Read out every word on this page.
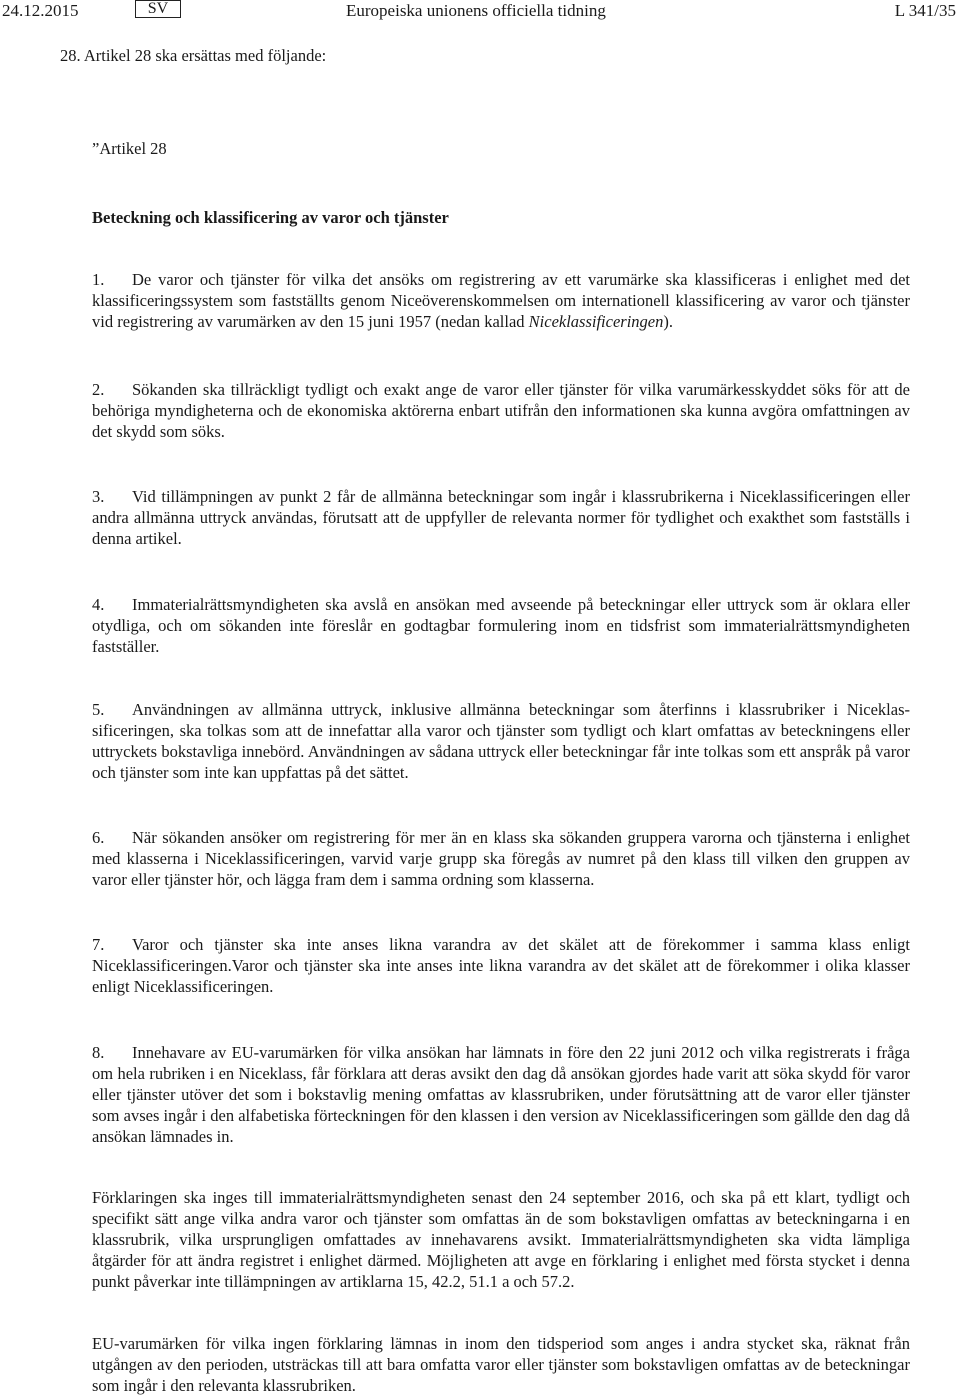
24.12.2015	SV	Europeiska unionens officiella tidning	L 341/35
28. Artikel 28 ska ersättas med följande:
”Artikel 28
Beteckning och klassificering av varor och tjänster
1. De varor och tjänster för vilka det ansöks om registrering av ett varumärke ska klassificeras i enlighet med det klassificeringssystem som fastställts genom Niceöverenskommelsen om internationell klassificering av varor och tjänster vid registrering av varumärken av den 15 juni 1957 (nedan kallad Niceklassificeringen).
2. Sökanden ska tillräckligt tydligt och exakt ange de varor eller tjänster för vilka varumärkesskyddet söks för att de behöriga myndigheterna och de ekonomiska aktörerna enbart utifrån den informationen ska kunna avgöra omfattningen av det skydd som söks.
3. Vid tillämpningen av punkt 2 får de allmänna beteckningar som ingår i klassrubrikerna i Niceklassificeringen eller andra allmänna uttryck användas, förutsatt att de uppfyller de relevanta normer för tydlighet och exakthet som fastställs i denna artikel.
4. Immaterialrättsmyndigheten ska avslå en ansökan med avseende på beteckningar eller uttryck som är oklara eller otydliga, och om sökanden inte föreslår en godtagbar formulering inom en tidsfrist som immaterialrättsmyndigheten fastställer.
5. Användningen av allmänna uttryck, inklusive allmänna beteckningar som återfinns i klassrubriker i Niceklassificeringen, ska tolkas som att de innefattar alla varor och tjänster som tydligt och klart omfattas av beteckningens eller uttryckets bokstavliga innebörd. Användningen av sådana uttryck eller beteckningar får inte tolkas som ett anspråk på varor och tjänster som inte kan uppfattas på det sättet.
6. När sökanden ansöker om registrering för mer än en klass ska sökanden gruppera varorna och tjänsterna i enlighet med klasserna i Niceklassificeringen, varvid varje grupp ska föregås av numret på den klass till vilken den gruppen av varor eller tjänster hör, och lägga fram dem i samma ordning som klasserna.
7. Varor och tjänster ska inte anses likna varandra av det skälet att de förekommer i samma klass enligt Niceklassificeringen.Varor och tjänster ska inte anses inte likna varandra av det skälet att de förekommer i olika klasser enligt Niceklassificeringen.
8. Innehavare av EU-varumärken för vilka ansökan har lämnats in före den 22 juni 2012 och vilka registrerats i fråga om hela rubriken i en Niceklass, får förklara att deras avsikt den dag då ansökan gjordes hade varit att söka skydd för varor eller tjänster utöver det som i bokstavlig mening omfattas av klassrubriken, under förutsättning att de varor eller tjänster som avses ingår i den alfabetiska förteckningen för den klassen i den version av Niceklassificeringen som gällde den dag då ansökan lämnades in.
Förklaringen ska inges till immaterialrättsmyndigheten senast den 24 september 2016, och ska på ett klart, tydligt och specifikt sätt ange vilka andra varor och tjänster som omfattas än de som bokstavligen omfattas av beteckningarna i en klassrubrik, vilka ursprungligen omfattades av innehavarens avsikt. Immaterialrättsmyndigheten ska vidta lämpliga åtgärder för att ändra registret i enlighet därmed. Möjligheten att avge en förklaring i enlighet med första stycket i denna punkt påverkar inte tillämpningen av artiklarna 15, 42.2, 51.1 a och 57.2.
EU-varumärken för vilka ingen förklaring lämnas in inom den tidsperiod som anges i andra stycket ska, räknat från utgången av den perioden, utsträckas till att bara omfatta varor eller tjänster som bokstavligen omfattas av de beteckningar som ingår i den relevanta klassrubriken.
